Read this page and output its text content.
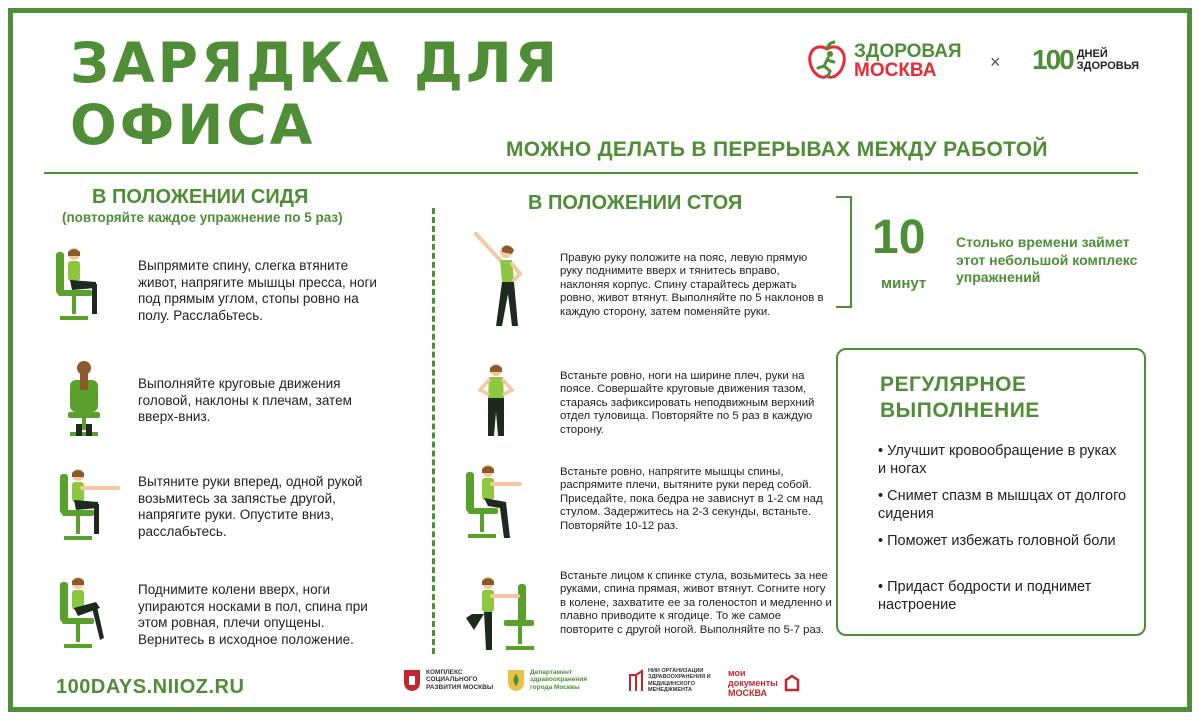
ЗАРЯДКА ДЛЯ
ОФИСА
ЗДОРОВАЯ
МОСКВА	× 100 ДНЕЙ
ЗДОРОВЬЯ
МОЖНО ДЕЛАТЬ В ПЕРЕРЫВАХ МЕЖДУ РАБОТОЙ
В ПОЛОЖЕНИИ СИДЯ
(повторяйте каждое упражнение по 5 раз)
Выпрямите спину, слегка втяните живот, напрягите мышцы пресса, ноги под прямым углом, стопы ровно на полу. Расслабьтесь.
Выполняйте круговые движения головой, наклоны к плечам, затем вверх-вниз.
Вытяните руки вперед, одной рукой возьмитесь за запястье другой, напрягите руки. Опустите вниз, расслабьтесь.
Поднимите колени вверх, ноги упираются носками в пол, спина при этом ровная, плечи опущены. Вернитесь в исходное положение.
В ПОЛОЖЕНИИ СТОЯ
Правую руку положите на пояс, левую прямую руку поднимите вверх и тянитесь вправо, наклоняя корпус. Спину старайтесь держать ровно, живот втянут. Выполняйте по 5 наклонов в каждую сторону, затем поменяйте руки.
Встаньте ровно, ноги на ширине плеч, руки на поясе. Совершайте круговые движения тазом, стараясь зафиксировать неподвижным верхний отдел туловища. Повторяйте по 5 раз в каждую сторону.
Встаньте ровно, напрягите мышцы спины, распрямите плечи, вытяните руки перед собой. Приседайте, пока бедра не зависнут в 1-2 см над стулом. Задержитесь на 2-3 секунды, встаньте. Повторяйте 10-12 раз.
Встаньте лицом к спинке стула, возьмитесь за нее руками, спина прямая, живот втянут. Согните ногу в колене, захватите ее за голеностоп и медленно и плавно приводите к ягодице. То же самое повторите с другой ногой. Выполняйте по 5-7 раз.
10
минут
Столько времени займет этот небольшой комплекс упражнений
РЕГУЛЯРНОЕ ВЫПОЛНЕНИЕ
• Улучшит кровообращение в руках и ногах
• Снимет спазм в мышцах от долгого сидения
• Поможет избежать головной боли
• Придаст бодрости и поднимет настроение
100DAYS.NIIOZ.RU
КОМПЛЕКС СОЦИАЛЬНОГО РАЗВИТИЯ МОСКВЫ
Департамент здравоохранения города Москвы
НИИ ОРГАНИЗАЦИИ ЗДРАВООХРАНЕНИЯ И МЕДИЦИНСКОГО МЕНЕДЖМЕНТА
мои документы МОСКВА
